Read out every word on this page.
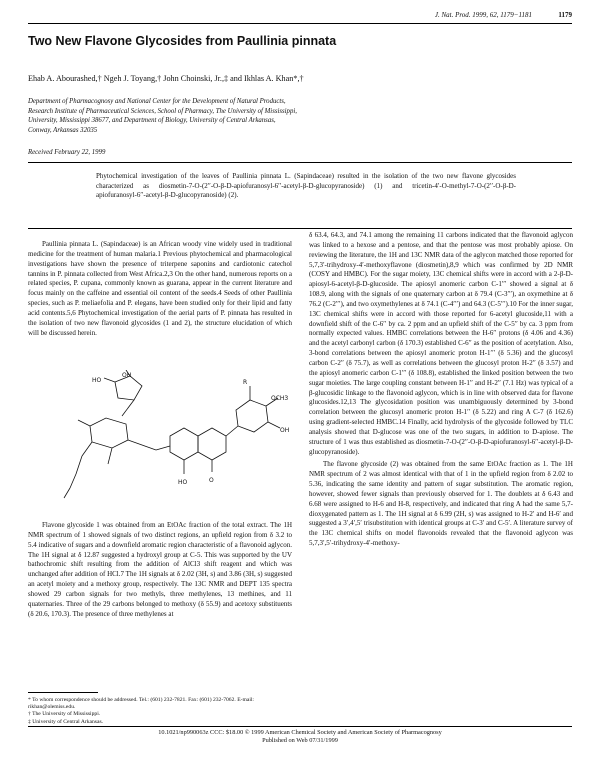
J. Nat. Prod. 1999, 62, 1179−1181	1179
Two New Flavone Glycosides from Paullinia pinnata
Ehab A. Abourashed,† Ngeh J. Toyang,† John Choinski, Jr.,‡ and Ikhlas A. Khan*,†
Department of Pharmacognosy and National Center for the Development of Natural Products,
Research Institute of Pharmaceutical Sciences, School of Pharmacy, The University of Mississippi,
University, Mississippi 38677, and Department of Biology, University of Central Arkansas,
Conway, Arkansas 32035
Received February 22, 1999
Phytochemical investigation of the leaves of Paullinia pinnata L. (Sapindaceae) resulted in the isolation of the two new flavone glycosides characterized as diosmetin-7-O-(2′′-O-β-D-apiofuranosyl-6′′-acetyl-β-D-glucopyranoside) (1) and tricetin-4′-O-methyl-7-O-(2′′-O-β-D-apiofuranosyl-6′′-acetyl-β-D-glucopyranoside) (2).

Paullinia pinnata L. (Sapindaceae) is an African woody vine widely used in traditional medicine for the treatment of human malaria.1 Previous phytochemical and pharmacological investigations have shown the presence of triterpene saponins and cardiotonic catechol tannins in P. pinnata collected from West Africa.2,3 On the other hand, numerous reports on a related species, P. cupana, commonly known as guarana, appear in the current literature and focus mainly on the caffeine and essential oil content of the seeds.4 Seeds of other Paullinia species, such as P. meliaefolia and P. elegans, have been studied only for their lipid and fatty acid contents.5,6 Phytochemical investigation of the aerial parts of P. pinnata has resulted in the isolation of two new flavonoid glycosides (1 and 2), the structure elucidation of which will be discussed herein.

OH
HO
HO	O
OCH3
R
OH

Flavone glycoside 1 was obtained from an EtOAc fraction of the total extract. The 1H NMR spectrum of 1 showed signals of two distinct regions, an upfield region from δ 3.2 to 5.4 indicative of sugars and a downfield aromatic region characteristic of a flavonoid aglycon. The 1H signal at δ 12.87 suggested a hydroxyl group at C-5. This was supported by the UV bathochromic shift resulting from the addition of AlCl3 shift reagent and which was unchanged after addition of HCl.7 The 1H signals at δ 2.02 (3H, s) and 3.86 (3H, s) suggested an acetyl moiety and a methoxy group, respectively. The 13C NMR and DEPT 135 spectra showed 29 carbon signals for two methyls, three methylenes, 13 methines, and 11 quaternaries. Three of the 29 carbons belonged to methoxy (δ 55.9) and acetoxy substituents (δ 20.6, 170.3). The presence of three methylenes at

* To whom correspondence should be addressed. Tel.: (601) 232-7821. Fax: (601) 232-7062. E-mail: rikhan@olemiss.edu.
† The University of Mississippi.
‡ University of Central Arkansas.

δ 63.4, 64.3, and 74.1 among the remaining 11 carbons indicated that the flavonoid aglycon was linked to a hexose and a pentose, and that the pentose was most probably apiose. On reviewing the literature, the 1H and 13C NMR data of the aglycon matched those reported for 5,7,3′-trihydroxy-4′-methoxyflavone (diosmetin),8,9 which was confirmed by 2D NMR (COSY and HMBC). For the sugar moiety, 13C chemical shifts were in accord with a 2-β-D-apiosyl-6-acetyl-β-D-glucoside. The apiosyl anomeric carbon C-1′′′ showed a signal at δ 108.9, along with the signals of one quaternary carbon at δ 79.4 (C-3′′′), an oxymethine at δ 76.2 (C-2′′′), and two oxymethylenes at δ 74.1 (C-4′′′) and 64.3 (C-5′′′).10 For the inner sugar, 13C chemical shifts were in accord with those reported for 6-acetyl glucoside,11 with a downfield shift of the C-6′′ by ca. 2 ppm and an upfield shift of the C-5′′ by ca. 3 ppm from normally expected values. HMBC correlations between the H-6′′ protons (δ 4.06 and 4.36) and the acetyl carbonyl carbon (δ 170.3) established C-6′′ as the position of acetylation. Also, 3-bond correlations between the apiosyl anomeric proton H-1′′′ (δ 5.36) and the glucosyl carbon C-2′′ (δ 75.7), as well as correlations between the glucosyl proton H-2′′ (δ 3.57) and the apiosyl anomeric carbon C-1′′′ (δ 108.8), established the linked position between the two sugar moieties. The large coupling constant between H-1′′ and H-2′′ (7.1 Hz) was typical of a β-glucosidic linkage to the flavonoid aglycon, which is in line with observed data for flavone glucosides.12,13 The glycosidation position was unambiguously determined by 3-bond correlation between the glucosyl anomeric proton H-1′′ (δ 5.22) and ring A C-7 (δ 162.6) using gradient-selected HMBC.14 Finally, acid hydrolysis of the glycoside followed by TLC analysis showed that D-glucose was one of the two sugars, in addition to D-apiose. The structure of 1 was thus established as diosmetin-7-O-(2′′-O-β-D-apiofuranosyl-6′′-acetyl-β-D-glucopyranoside).

The flavone glycoside (2) was obtained from the same EtOAc fraction as 1. The 1H NMR spectrum of 2 was almost identical with that of 1 in the upfield region from δ 2.02 to 5.36, indicating the same identity and pattern of sugar substitution. The aromatic region, however, showed fewer signals than previously observed for 1. The doublets at δ 6.43 and 6.68 were assigned to H-6 and H-8, respectively, and indicated that ring A had the same 5,7-dioxygenated pattern as 1. The 1H signal at δ 6.99 (2H, s) was assigned to H-2′ and H-6′ and suggested a 3′,4′,5′ trisubstitution with identical groups at C-3′ and C-5′. A literature survey of the 13C chemical shifts on model flavonoids revealed that the flavonoid aglycon was 5,7,3′,5′-trihydroxy-4′-methoxy-

10.1021/np990063z CCC: $18.00 © 1999 American Chemical Society and American Society of Pharmacognosy
Published on Web 07/31/1999
